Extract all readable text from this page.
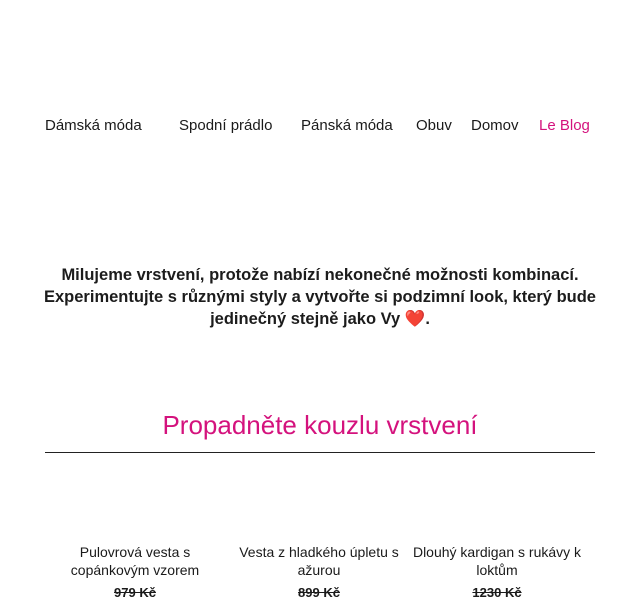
Dámská móda Spodní prádlo Pánská móda Obuv Domov Le Blog

Milujeme vrstvení, protože nabízí nekonečné možnosti kombinací. Experimentujte s různými styly a vytvořte si podzimní look, který bude jedinečný stejně jako Vy ❤️.

Propadněte kouzlu vrstvení
Pulovrová vesta s copánkovým vzorem
979 Kč
Vesta z hladkého úpletu s ažurou
899 Kč
Dlouhý kardigan s rukávy k loktům
1230 Kč
